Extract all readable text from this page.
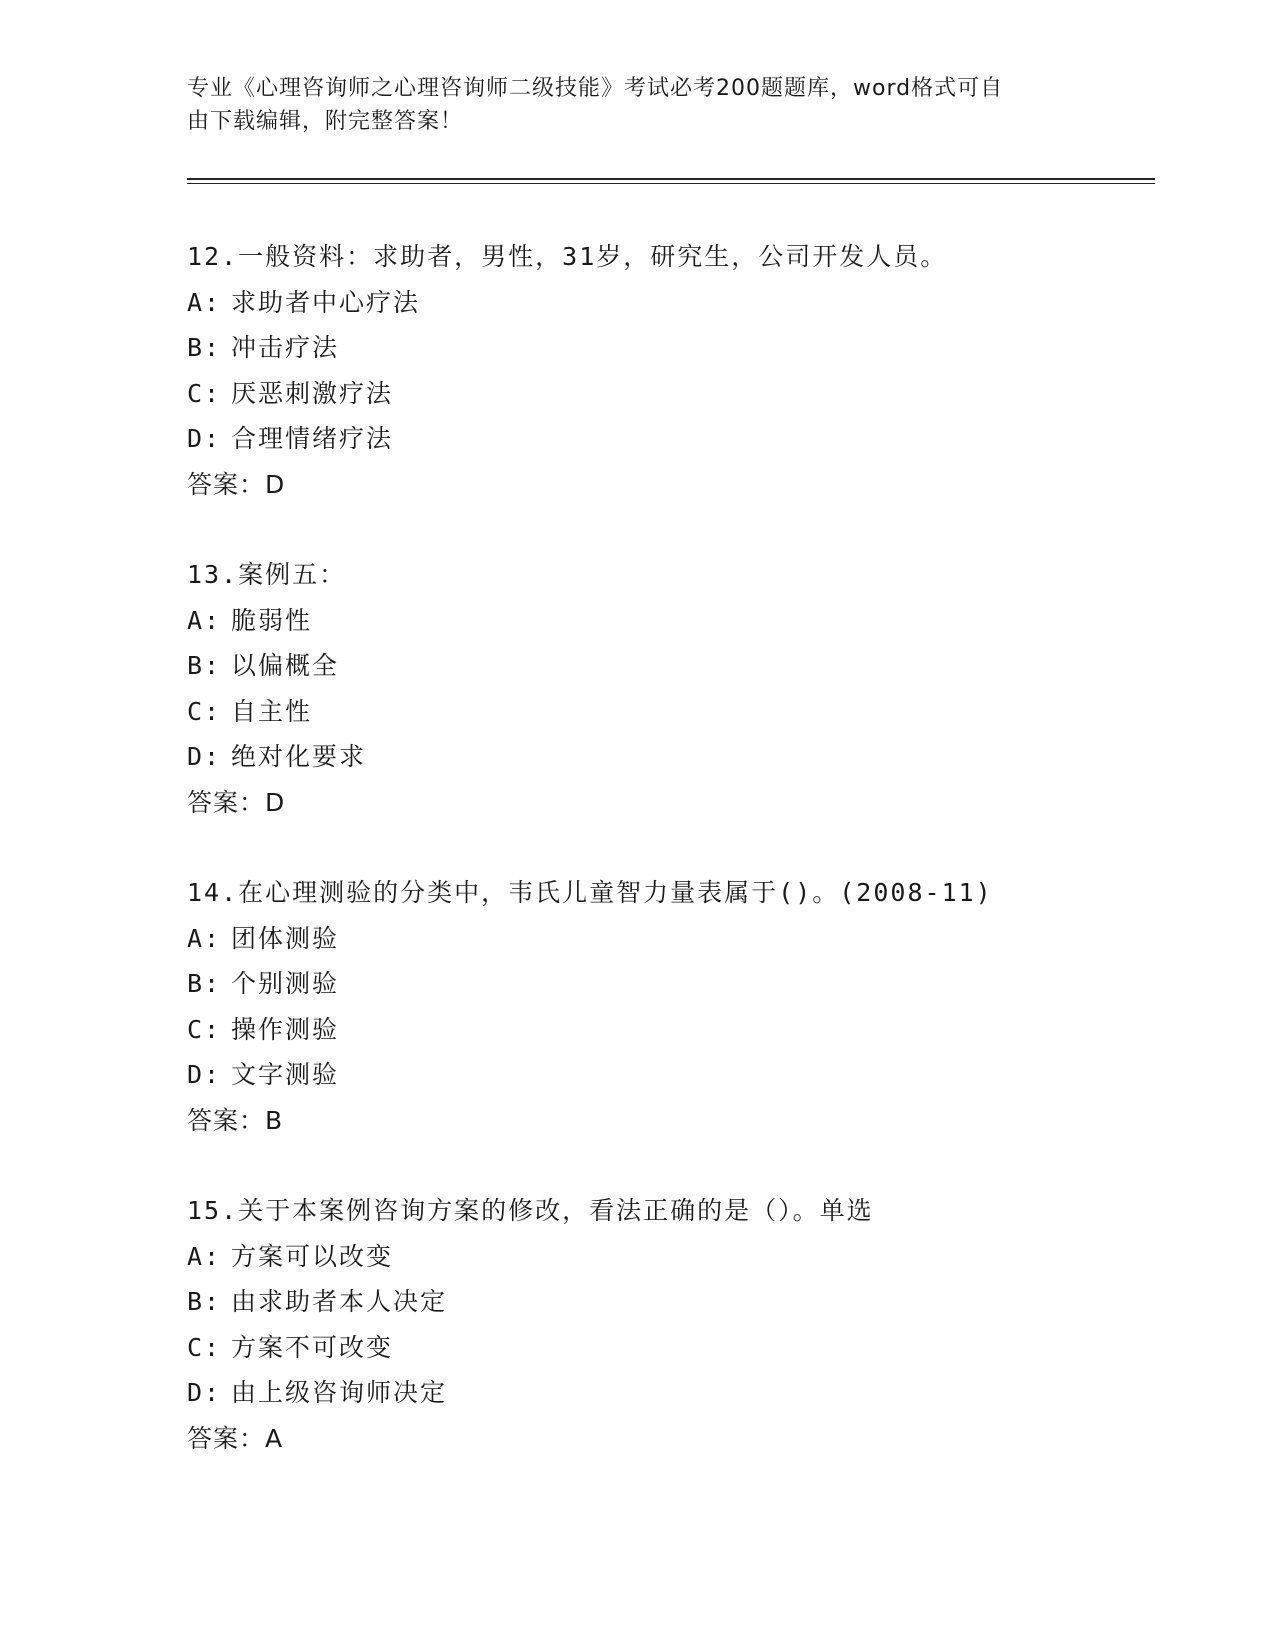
专业《心理咨询师之心理咨询师二级技能》考试必考200题题库，word格式可自
由下载编辑，附完整答案！
12.一般资料：求助者，男性，31岁，研究生，公司开发人员。
A: 求助者中心疗法
B: 冲击疗法
C: 厌恶刺激疗法
D: 合理情绪疗法
答案：D
13.案例五：
A: 脆弱性
B: 以偏概全
C: 自主性
D: 绝对化要求
答案：D
14.在心理测验的分类中，韦氏儿童智力量表属于()。(2008-11)
A: 团体测验
B: 个别测验
C: 操作测验
D: 文字测验
答案：B
15.关于本案例咨询方案的修改，看法正确的是（）。单选
A: 方案可以改变
B: 由求助者本人决定
C: 方案不可改变
D: 由上级咨询师决定
答案：A
